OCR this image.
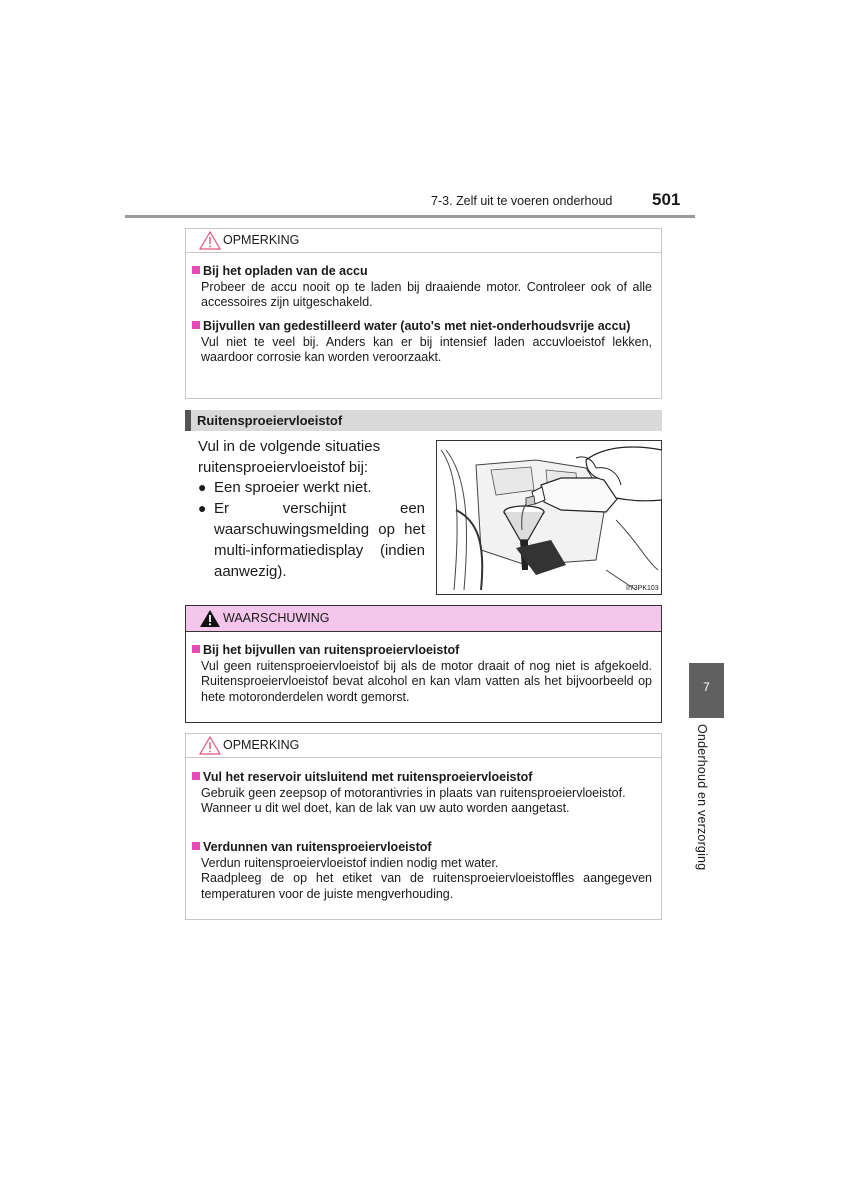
7-3. Zelf uit te voeren onderhoud 501
OPMERKING
Bij het opladen van de accu

Probeer de accu nooit op te laden bij draaiende motor. Controleer ook of alle accessoires zijn uitgeschakeld.

Bijvullen van gedestilleerd water (auto's met niet-onderhoudsvrije accu)

Vul niet te veel bij. Anders kan er bij intensief laden accuvloeistof lekken, waardoor corrosie kan worden veroorzaakt.

Ruitensproeiervloeistof
Vul in de volgende situaties ruitensproeiervloeistof bij:
● Een sproeier werkt niet.
● Er verschijnt een waarschuwingsmelding op het multi-informatiedisplay (indien aanwezig).
II73PK103
WAARSCHUWING
Bij het bijvullen van ruitensproeiervloeistof

Vul geen ruitensproeiervloeistof bij als de motor draait of nog niet is afgekoeld. Ruitensproeiervloeistof bevat alcohol en kan vlam vatten als het bijvoorbeeld op hete motoronderdelen wordt gemorst.

OPMERKING
Vul het reservoir uitsluitend met ruitensproeiervloeistof

Gebruik geen zeepsop of motorantivries in plaats van ruitensproeiervloeistof.

Wanneer u dit wel doet, kan de lak van uw auto worden aangetast.

Verdunnen van ruitensproeiervloeistof

Verdun ruitensproeiervloeistof indien nodig met water.

Raadpleeg de op het etiket van de ruitensproeiervloeistoffles aangegeven temperaturen voor de juiste mengverhouding.

7
Onderhoud en verzorging
